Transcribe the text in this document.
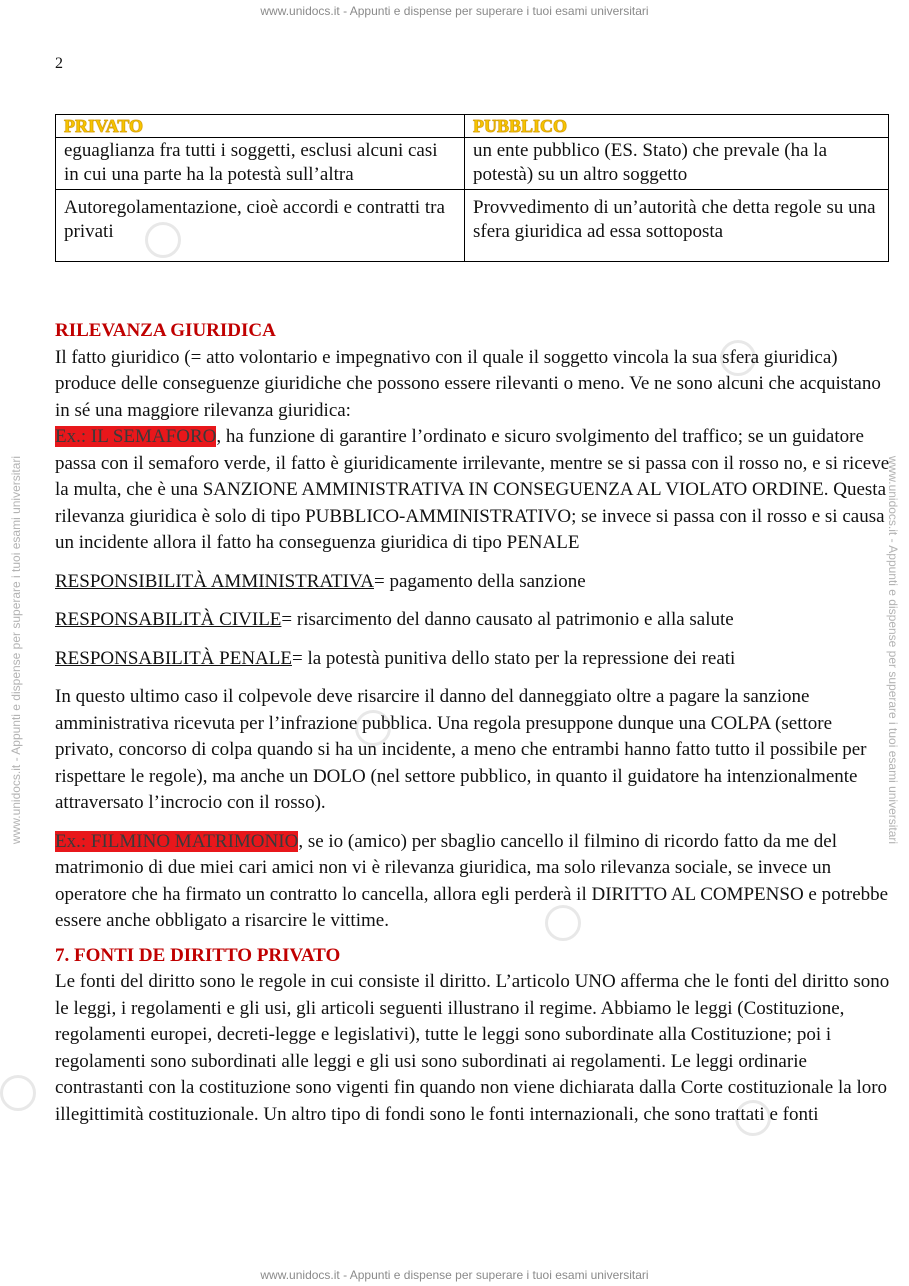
www.unidocs.it - Appunti e dispense per superare i tuoi esami universitari
www.unidocs.it - Appunti e dispense per superare i tuoi esami universitari
www.unidocs.it - Appunti e dispense per superare i tuoi esami universitari	www.unidocs.it - Appunti e dispense per superare i tuoi esami universitari
2
PRIVATO	PUBBLICO
eguaglianza fra tutti i soggetti, esclusi alcuni casi in cui una parte ha la potestà sull’altra	un ente pubblico (ES. Stato) che prevale (ha la potestà) su un altro soggetto
Autoregolamentazione, cioè accordi e contratti tra privati	Provvedimento di un’autorità che detta regole su una sfera giuridica ad essa sottoposta

RILEVANZA GIURIDICA

Il fatto giuridico (= atto volontario e impegnativo con il quale il soggetto vincola la sua sfera giuridica) produce delle conseguenze giuridiche che possono essere rilevanti o meno. Ve ne sono alcuni che acquistano in sé una maggiore rilevanza giuridica:

Ex.: IL SEMAFORO, ha funzione di garantire l’ordinato e sicuro svolgimento del traffico; se un guidatore passa con il semaforo verde, il fatto è giuridicamente irrilevante, mentre se si passa con il rosso no, e si riceve la multa, che è una SANZIONE AMMINISTRATIVA IN CONSEGUENZA AL VIOLATO ORDINE. Questa rilevanza giuridica è solo di tipo PUBBLICO-AMMINISTRATIVO; se invece si passa con il rosso e si causa un incidente allora il fatto ha conseguenza giuridica di tipo PENALE

RESPONSIBILITÀ AMMINISTRATIVA= pagamento della sanzione

RESPONSABILITÀ CIVILE= risarcimento del danno causato al patrimonio e alla salute

RESPONSABILITÀ PENALE= la potestà punitiva dello stato per la repressione dei reati

In questo ultimo caso il colpevole deve risarcire il danno del danneggiato oltre a pagare la sanzione amministrativa ricevuta per l’infrazione pubblica. Una regola presuppone dunque una COLPA (settore privato, concorso di colpa quando si ha un incidente, a meno che entrambi hanno fatto tutto il possibile per rispettare le regole), ma anche un DOLO (nel settore pubblico, in quanto il guidatore ha intenzionalmente attraversato l’incrocio con il rosso).

Ex.: FILMINO MATRIMONIO, se io (amico) per sbaglio cancello il filmino di ricordo fatto da me del matrimonio di due miei cari amici non vi è rilevanza giuridica, ma solo rilevanza sociale, se invece un operatore che ha firmato un contratto lo cancella, allora egli perderà il DIRITTO AL COMPENSO e potrebbe essere anche obbligato a risarcire le vittime.

7. FONTI DE DIRITTO PRIVATO

Le fonti del diritto sono le regole in cui consiste il diritto. L’articolo UNO afferma che le fonti del diritto sono le leggi, i regolamenti e gli usi, gli articoli seguenti illustrano il regime. Abbiamo le leggi (Costituzione, regolamenti europei, decreti-legge e legislativi), tutte le leggi sono subordinate alla Costituzione; poi i regolamenti sono subordinati alle leggi e gli usi sono subordinati ai regolamenti. Le leggi ordinarie contrastanti con la costituzione sono vigenti fin quando non viene dichiarata dalla Corte costituzionale la loro illegittimità costituzionale. Un altro tipo di fondi sono le fonti internazionali, che sono trattati e fonti
